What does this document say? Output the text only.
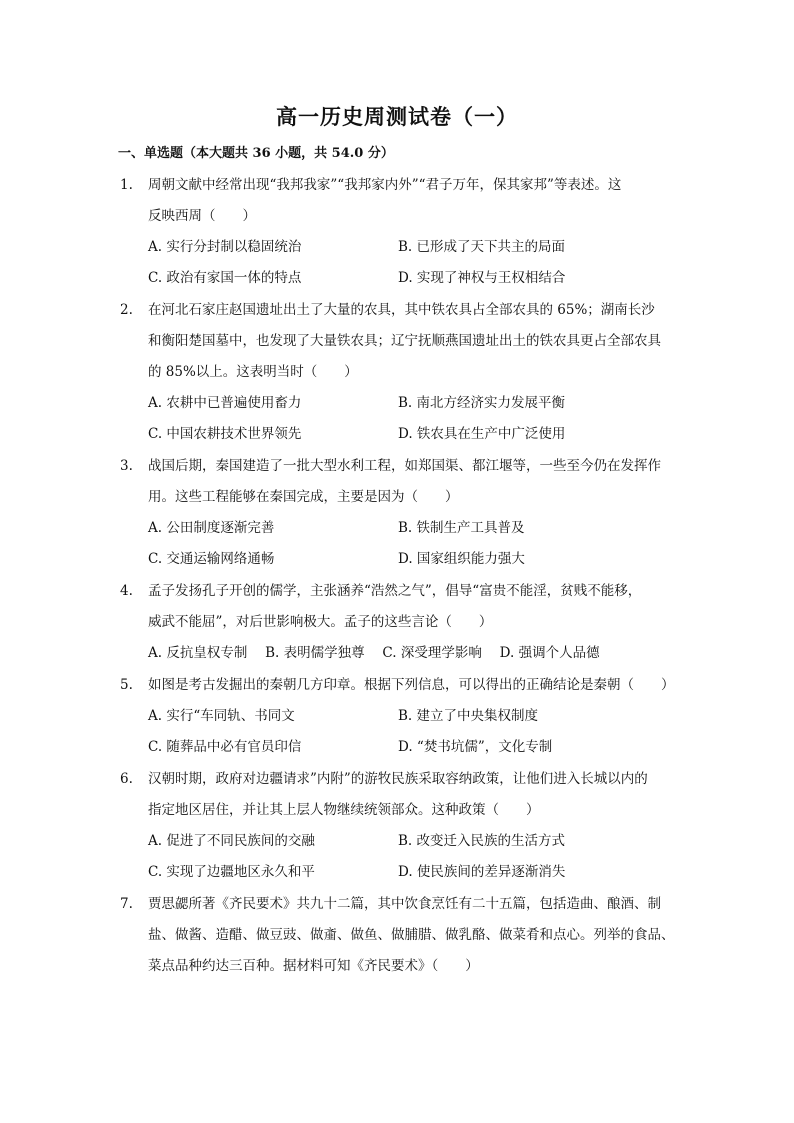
高一历史周测试卷（一）
一、单选题（本大题共 36 小题，共 54.0 分）
1. 周朝文献中经常出现“我邦我家”“我邦家内外”“君子万年，保其家邦”等表述。这
反映西周（　　）
A. 实行分封制以稳固统治	B. 已形成了天下共主的局面
C. 政治有家国一体的特点	D. 实现了神权与王权相结合
2. 在河北石家庄赵国遗址出土了大量的农具，其中铁农具占全部农具的 65%；湖南长沙
和衡阳楚国墓中，也发现了大量铁农具；辽宁抚顺燕国遗址出土的铁农具更占全部农具
的 85%以上。这表明当时（　　）
A. 农耕中已普遍使用畜力	B. 南北方经济实力发展平衡
C. 中国农耕技术世界领先	D. 铁农具在生产中广泛使用
3. 战国后期，秦国建造了一批大型水利工程，如郑国渠、都江堰等，一些至今仍在发挥作
用。这些工程能够在秦国完成，主要是因为（　　）
A. 公田制度逐渐完善	B. 铁制生产工具普及
C. 交通运输网络通畅	D. 国家组织能力强大
4. 孟子发扬孔子开创的儒学，主张涵养“浩然之气”，倡导“富贵不能淫，贫贱不能移，
威武不能屈”，对后世影响极大。孟子的这些言论（　　）
A. 反抗皇权专制　 B. 表明儒学独尊　 C. 深受理学影响　 D. 强调个人品德
5. 如图是考古发掘出的秦朝几方印章。根据下列信息，可以得出的正确结论是秦朝（　　）
A. 实行“车同轨、书同文	B. 建立了中央集权制度
C. 随葬品中必有官员印信	D. “焚书坑儒”，文化专制
6. 汉朝时期，政府对边疆请求”内附”的游牧民族采取容纳政策，让他们进入长城以内的
指定地区居住，并让其上层人物继续统领部众。这种政策（　　）
A. 促进了不同民族间的交融	B. 改变迁入民族的生活方式
C. 实现了边疆地区永久和平	D. 使民族间的差异逐渐消失
7. 贾思勰所著《齐民要术》共九十二篇，其中饮食烹饪有二十五篇，包括造曲、酿酒、制
盐、做酱、造醋、做豆豉、做齑、做鱼、做脯腊、做乳酪、做菜肴和点心。列举的食品、
菜点品种约达三百种。据材料可知《齐民要术》（　　）
